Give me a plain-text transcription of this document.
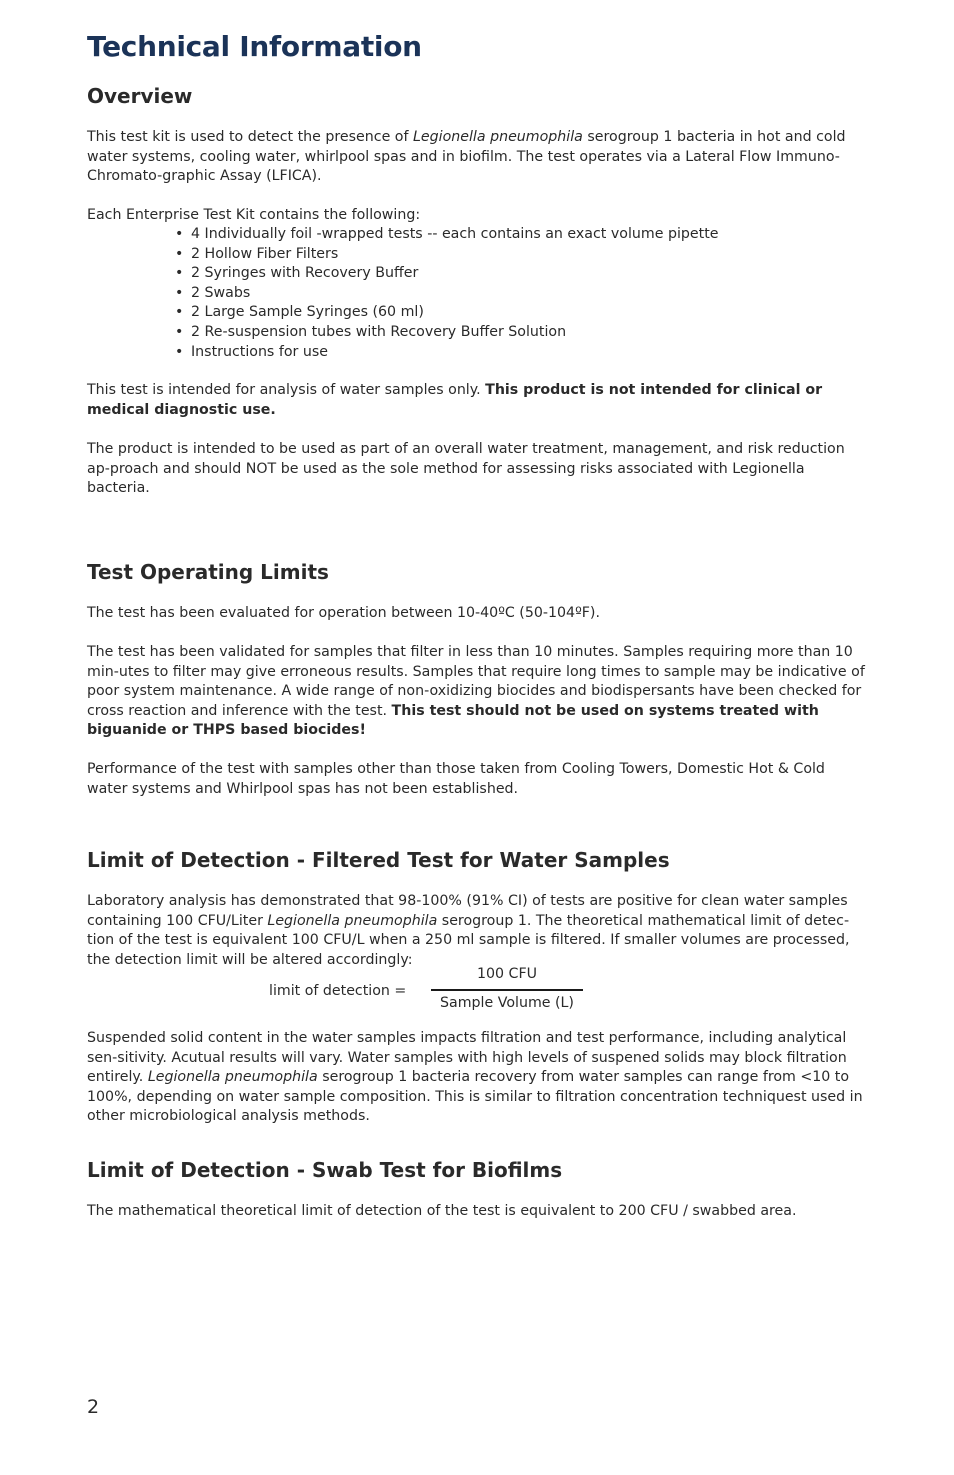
Technical Information
Overview

This test kit is used to detect the presence of Legionella pneumophila serogroup 1 bacteria in hot and cold water systems, cooling water, whirlpool spas and in biofilm. The test operates via a Lateral Flow Immuno-Chromato-graphic Assay (LFICA).

Each Enterprise Test Kit contains the following:

• 4 Individually foil -wrapped tests -- each contains an exact volume pipette
• 2 Hollow Fiber Filters
• 2 Syringes with Recovery Buffer
• 2 Swabs
• 2 Large Sample Syringes (60 ml)
• 2 Re-suspension tubes with Recovery Buffer Solution
• Instructions for use

This test is intended for analysis of water samples only. This product is not intended for clinical or medical diagnostic use.

The product is intended to be used as part of an overall water treatment, management, and risk reduction ap-proach and should NOT be used as the sole method for assessing risks associated with Legionella bacteria.

Test Operating Limits

The test has been evaluated for operation between 10-40ºC (50-104ºF).

The test has been validated for samples that filter in less than 10 minutes. Samples requiring more than 10 min-utes to filter may give erroneous results. Samples that require long times to sample may be indicative of poor system maintenance. A wide range of non-oxidizing biocides and biodispersants have been checked for cross reaction and inference with the test. This test should not be used on systems treated with biguanide or THPS based biocides!

Performance of the test with samples other than those taken from Cooling Towers, Domestic Hot & Cold water systems and Whirlpool spas has not been established.

Limit of Detection - Filtered Test for Water Samples

Laboratory analysis has demonstrated that 98-100% (91% CI) of tests are positive for clean water samples containing 100 CFU/Liter Legionella pneumophila serogroup 1. The theoretical mathematical limit of detec-tion of the test is equivalent 100 CFU/L when a 250 ml sample is filtered. If smaller volumes are processed, the detection limit will be altered accordingly:

limit of detection =
100 CFU
Sample Volume (L)

Suspended solid content in the water samples impacts filtration and test performance, including analytical sen-sitivity. Acutual results will vary. Water samples with high levels of suspened solids may block filtration entirely. Legionella pneumophila serogroup 1 bacteria recovery from water samples can range from <10 to 100%, depending on water sample composition. This is similar to filtration concentration techniquest used in other microbiological analysis methods.

Limit of Detection - Swab Test for Biofilms

The mathematical theoretical limit of detection of the test is equivalent to 200 CFU / swabbed area.

2
